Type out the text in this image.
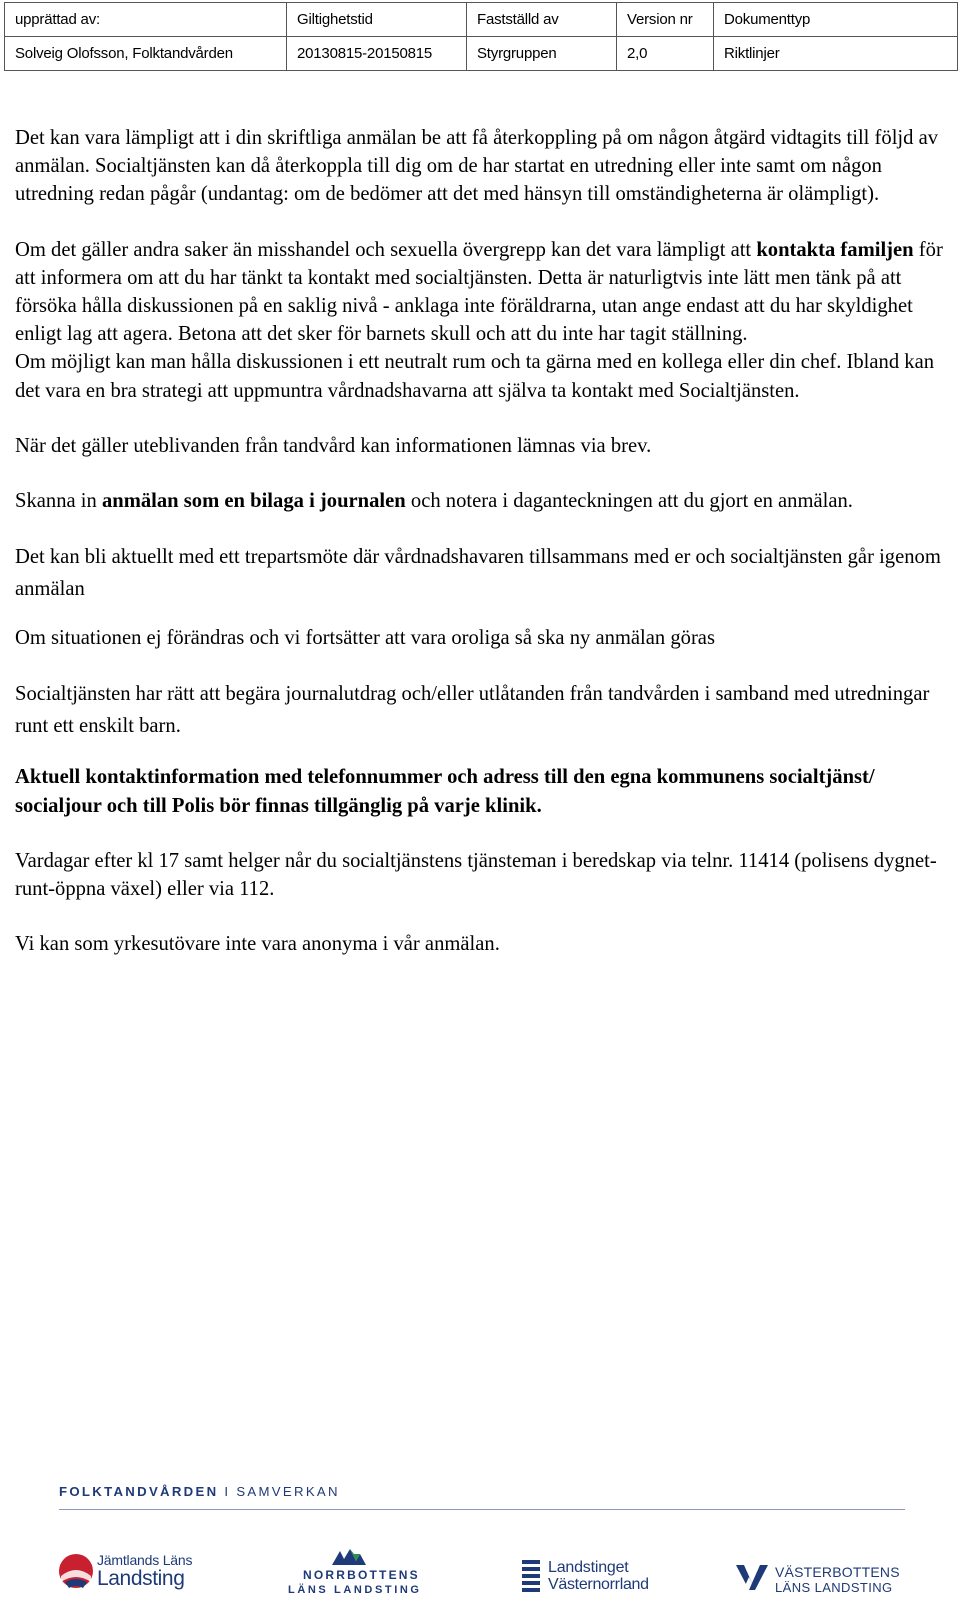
upprättad av:	Giltighetstid	Fastställd av	Version nr	Dokumenttyp
Solveig Olofsson, Folktandvården	20130815-20150815	Styrgruppen	2,0	Riktlinjer

Det kan vara lämpligt att i din skriftliga anmälan be att få återkoppling på om någon åtgärd vidtagits till följd av anmälan. Socialtjänsten kan då återkoppla till dig om de har startat en utredning eller inte samt om någon utredning redan pågår (undantag: om de bedömer att det med hänsyn till omständigheterna är olämpligt).

Om det gäller andra saker än misshandel och sexuella övergrepp kan det vara lämpligt att kontakta familjen för att informera om att du har tänkt ta kontakt med socialtjänsten. Detta är naturligtvis inte lätt men tänk på att försöka hålla diskussionen på en saklig nivå - anklaga inte föräldrarna, utan ange endast att du har skyldighet enligt lag att agera. Betona att det sker för barnets skull och att du inte har tagit ställning.

Om möjligt kan man hålla diskussionen i ett neutralt rum och ta gärna med en kollega eller din chef. Ibland kan det vara en bra strategi att uppmuntra vårdnadshavarna att själva ta kontakt med Socialtjänsten.

När det gäller uteblivanden från tandvård kan informationen lämnas via brev.

Skanna in anmälan som en bilaga i journalen och notera i daganteckningen att du gjort en anmälan.

Det kan bli aktuellt med ett trepartsmöte där vårdnadshavaren tillsammans med er och socialtjänsten går igenom anmälan

Om situationen ej förändras och vi fortsätter att vara oroliga så ska ny anmälan göras

Socialtjänsten har rätt att begära journalutdrag och/eller utlåtanden från tandvården i samband med utredningar runt ett enskilt barn.

Aktuell kontaktinformation med telefonnummer och adress till den egna kommunens socialtjänst/ socialjour och till Polis bör finnas tillgänglig på varje klinik.

Vardagar efter kl 17 samt helger når du socialtjänstens tjänsteman i beredskap via telnr. 11414 (polisens dygnet-runt-öppna växel) eller via 112.

Vi kan som yrkesutövare inte vara anonyma i vår anmälan.

FOLKTANDVÅRDEN I SAMVERKAN
Jämtlands Läns
Landsting	NORRBOTTENS
LÄNS LANDSTING
Landstinget
Västernorrland
VÄSTERBOTTENS
LÄNS LANDSTING
